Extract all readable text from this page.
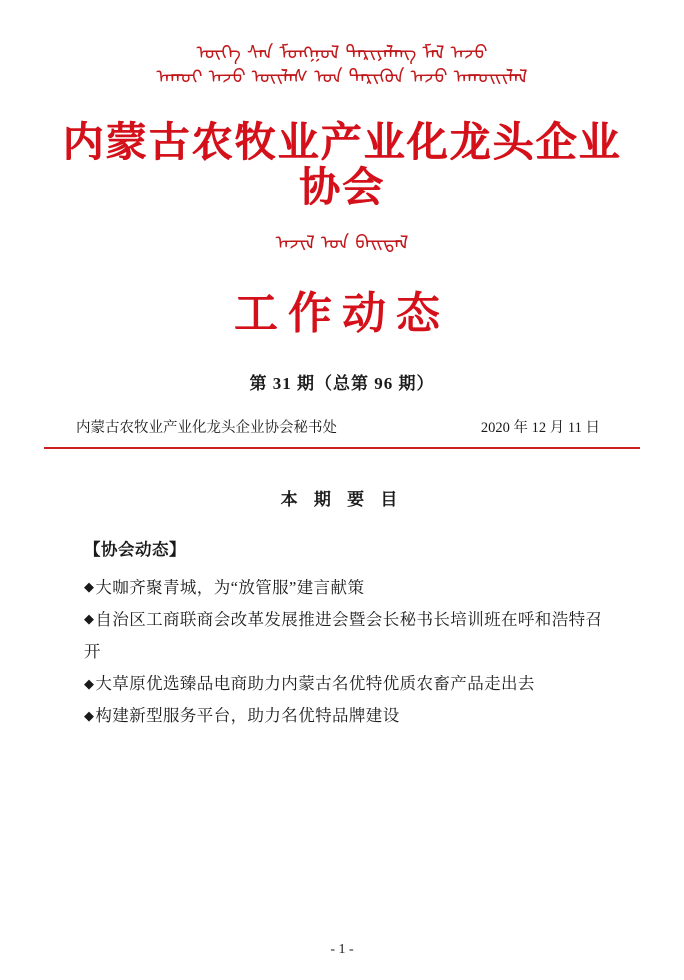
ᠦᠭᠡ ᠰᠠᠨ ᠮᠤᠩᠭᠤᠯ ᠲᠠᠷᠢᠶᠠᠯᠠᠩ ᠮᠠᠯ ᠠᠵᠤ
ᠠᠬᠤᠢ ᠠᠵᠤ ᠦᠢᠯᠡᠰ ᠤᠨ ᠲᠡᠷᠢᠭᠦᠨ ᠠᠵᠤ ᠠᠬᠤᠢᠢᠯᠠᠯ
内蒙古农牧业产业化龙头企业协会
ᠠᠵᠢᠯ ᠤᠨ ᠪᠠᠢᠳᠠᠯ
工作动态
第 31 期（总第 96 期）
内蒙古农牧业产业化龙头企业协会秘书处	2020 年 12 月 11 日
本 期 要 目
【协会动态】
◆大咖齐聚青城，为“放管服”建言献策
◆自治区工商联商会改革发展推进会暨会长秘书长培训班在呼和浩特召开
◆大草原优选臻品电商助力内蒙古名优特优质农畜产品走出去
◆构建新型服务平台，助力名优特品牌建设
- 1 -
